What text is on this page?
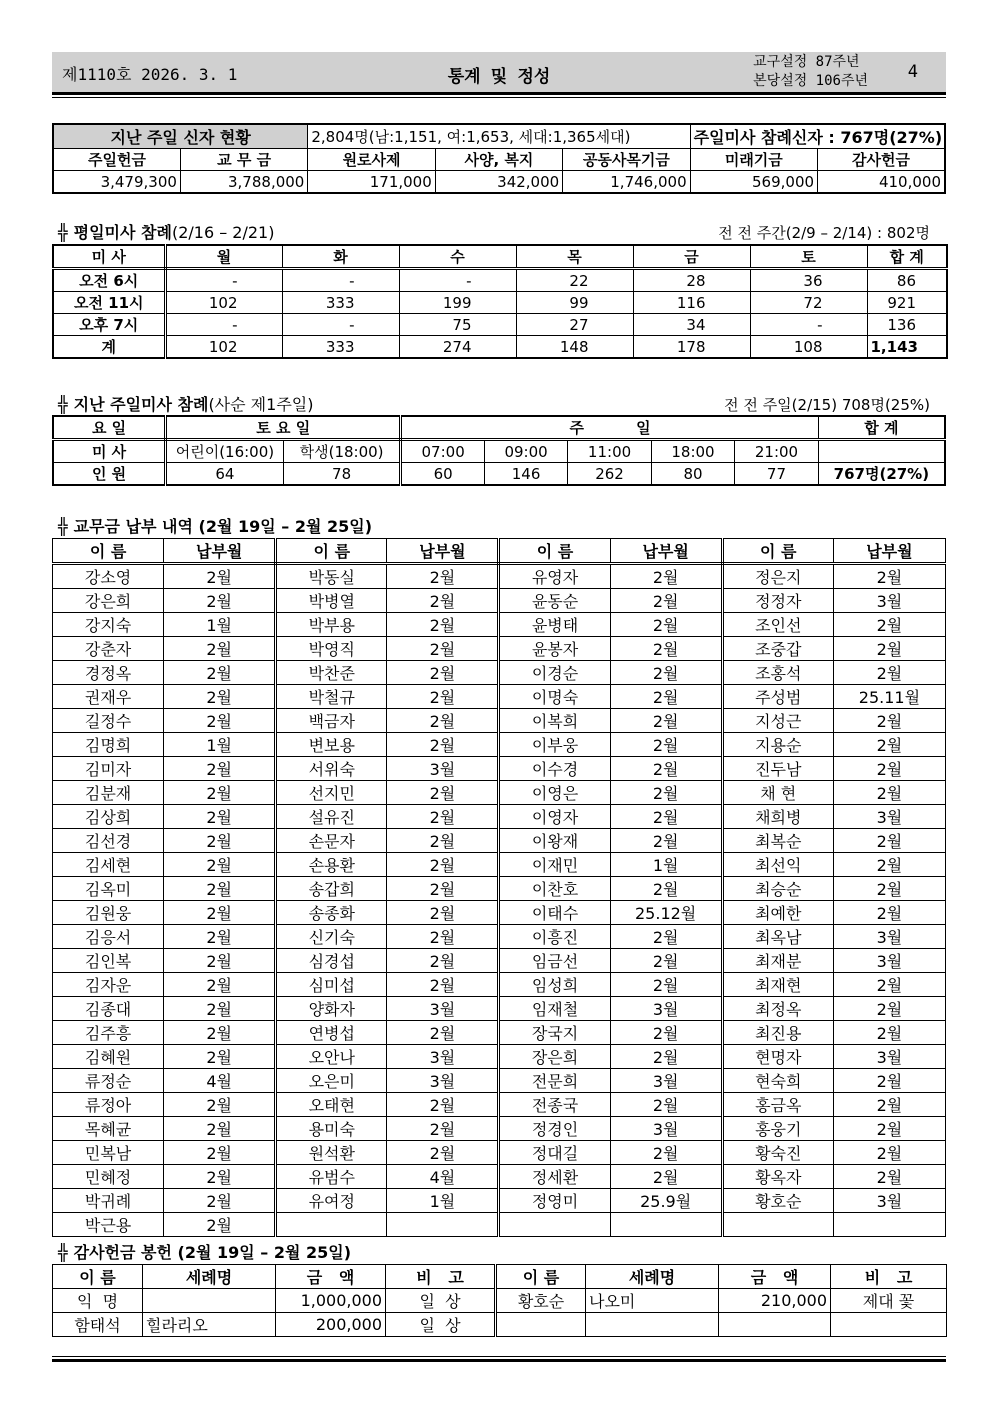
제1110호 2026. 3. 1	통계 및 정성
교구설정 87주년
본당설정 106주년 4
지난 주일 신자 현황		2,804명(남:1,151, 여:1,653, 세대:1,365세대)			주일미사 참례신자 : 767명(27%)	
주일헌금	교 무 금	원로사제	사양, 복지	공동사목기금	미래기금	감사헌금
3,479,300	3,788,000	171,000	342,000	1,746,000	569,000	410,000
╬ 평일미사 참례(2/16 – 2/21)	전 전 주간(2/9 – 2/14) : 802명
미 사	월	화	수	목	금	토	합 계
오전 6시	-	-	-	22	28	36	86
오전 11시	102	333	199	99	116	72	921
오후 7시	-	-	75	27	34	-	136
계	102	333	274	148	178	108	1,143
╬ 지난 주일미사 참례(사순 제1주일)	전 전 주일(2/15) 708명(25%)
요 일	토 요 일		주          일					합 계
미 사	어린이(16:00)	학생(18:00)	07:00	09:00	11:00	18:00	21:00	
인 원	64	78	60	146	262	80	77	767명(27%)
╬ 교무금 납부 내역 (2월 19일 – 2월 25일)
이 름	납부월	이 름	납부월	이 름	납부월	이 름	납부월
강소영	2월	박동실	2월	유영자	2월	정은지	2월
강은희	2월	박병열	2월	윤동순	2월	정정자	3월
강지숙	1월	박부용	2월	윤병태	2월	조인선	2월
강춘자	2월	박영직	2월	윤봉자	2월	조중갑	2월
경정옥	2월	박찬준	2월	이경순	2월	조홍석	2월
권재우	2월	박철규	2월	이명숙	2월	주성범	25.11월
길정수	2월	백금자	2월	이복희	2월	지성근	2월
김명희	1월	변보용	2월	이부웅	2월	지용순	2월
김미자	2월	서위숙	3월	이수경	2월	진두남	2월
김분재	2월	선지민	2월	이영은	2월	채 현	2월
김상희	2월	설유진	2월	이영자	2월	채희병	3월
김선경	2월	손문자	2월	이왕재	2월	최복순	2월
김세현	2월	손용환	2월	이재민	1월	최선익	2월
김옥미	2월	송갑희	2월	이찬호	2월	최승순	2월
김원웅	2월	송종화	2월	이태수	25.12월	최예한	2월
김응서	2월	신기숙	2월	이흥진	2월	최옥남	3월
김인복	2월	심경섭	2월	임금선	2월	최재분	3월
김자운	2월	심미섭	2월	임성희	2월	최재현	2월
김종대	2월	양화자	3월	임재철	3월	최정옥	2월
김주흥	2월	연병섭	2월	장국지	2월	최진용	2월
김혜원	2월	오안나	3월	장은희	2월	현명자	3월
류정순	4월	오은미	3월	전문희	3월	현숙희	2월
류정아	2월	오태현	2월	전종국	2월	홍금옥	2월
목혜균	2월	용미숙	2월	정경인	3월	홍웅기	2월
민복남	2월	원석환	2월	정대길	2월	황숙진	2월
민혜정	2월	유범수	4월	정세환	2월	황옥자	2월
박귀례	2월	유여정	1월	정영미	25.9월	황호순	3월
박근용	2월						
╬ 감사헌금 봉헌 (2월 19일 – 2월 25일)
이 름	세례명	금   액	비   고	이 름	세례명	금   액	비   고
익  명		1,000,000	일  상	황호순	나오미	210,000	제대 꽃
함태석	힐라리오	200,000	일  상				
